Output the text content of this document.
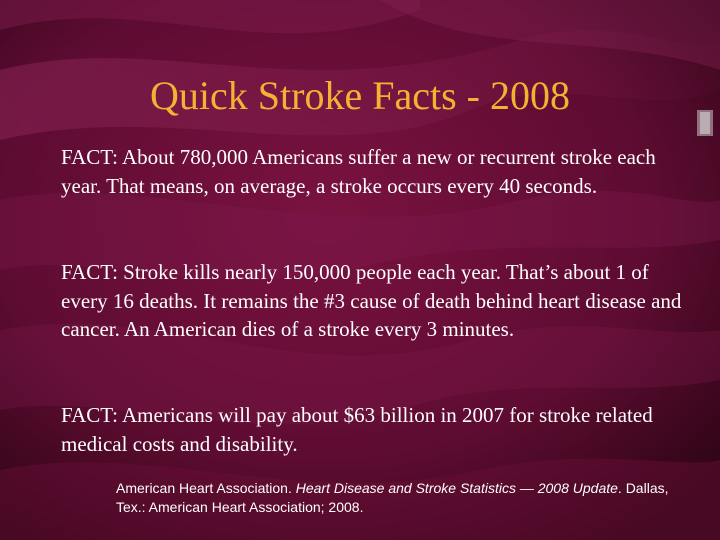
Quick Stroke Facts - 2008

FACT: About 780,000 Americans suffer a new or recurrent stroke each year. That means, on average, a stroke occurs every 40 seconds.

FACT: Stroke kills nearly 150,000 people each year. That’s about 1 of every 16 deaths. It remains the #3 cause of death behind heart disease and cancer. An American dies of a stroke every 3 minutes.

FACT: Americans will pay about $63 billion in 2007 for stroke related medical costs and disability.

American Heart Association. Heart Disease and Stroke Statistics — 2008 Update. Dallas, Tex.: American Heart Association; 2008.
